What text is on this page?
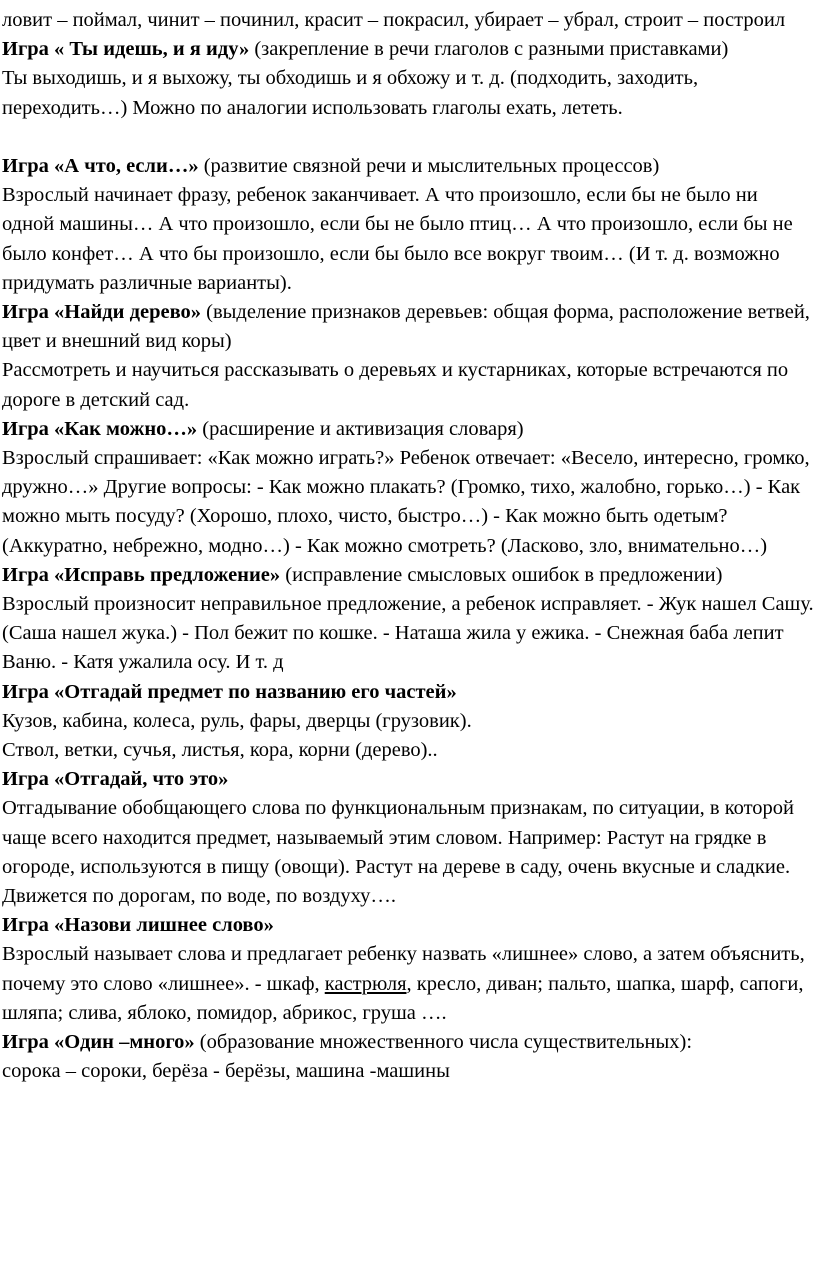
ловит – поймал, чинит – починил, красит – покрасил, убирает – убрал, строит – построил

Игра « Ты идешь, и я иду» (закрепление в речи глаголов с разными приставками)

Ты выходишь, и я выхожу, ты обходишь и я обхожу и т. д. (подходить, заходить, переходить…) Можно по аналогии использовать глаголы ехать, лететь.

Игра «А что, если…» (развитие связной речи и мыслительных процессов)

Взрослый начинает фразу, ребенок заканчивает. А что произошло, если бы не было ни одной машины… А что произошло, если бы не было птиц… А что произошло, если бы не было конфет… А что бы произошло, если бы было все вокруг твоим… (И т. д. возможно придумать различные варианты).

Игра «Найди дерево» (выделение признаков деревьев: общая форма, расположение ветвей, цвет и внешний вид коры)

Рассмотреть и научиться рассказывать о деревьях и кустарниках, которые встречаются по дороге в детский сад.

Игра «Как можно…» (расширение и активизация словаря)

Взрослый спрашивает: «Как можно играть?» Ребенок отвечает: «Весело, интересно, громко, дружно…» Другие вопросы: - Как можно плакать? (Громко, тихо, жалобно, горько…) - Как можно мыть посуду? (Хорошо, плохо, чисто, быстро…) - Как можно быть одетым? (Аккуратно, небрежно, модно…) - Как можно смотреть? (Ласково, зло, внимательно…)

Игра «Исправь предложение» (исправление смысловых ошибок в предложении)

Взрослый произносит неправильное предложение, а ребенок исправляет. - Жук нашел Сашу. (Саша нашел жука.) - Пол бежит по кошке. - Наташа жила у ежика. - Снежная баба лепит Ваню. - Катя ужалила осу. И т. д

Игра «Отгадай предмет по названию его частей»

Кузов, кабина, колеса, руль, фары, дверцы (грузовик).

Ствол, ветки, сучья, листья, кора, корни (дерево)..

Игра «Отгадай, что это»

Отгадывание обобщающего слова по функциональным признакам, по ситуации, в которой чаще всего находится предмет, называемый этим словом. Например: Растут на грядке в огороде, используются в пищу (овощи). Растут на дереве в саду, очень вкусные и сладкие. Движется по дорогам, по воде, по воздуху….

Игра «Назови лишнее слово»

Взрослый называет слова и предлагает ребенку назвать «лишнее» слово, а затем объяснить, почему это слово «лишнее». - шкаф, кастрюля, кресло, диван; пальто, шапка, шарф, сапоги, шляпа; слива, яблоко, помидор, абрикос, груша ….

Игра «Один –много» (образование множественного числа существительных):

сорока – сороки, берёза - берёзы, машина -машины
